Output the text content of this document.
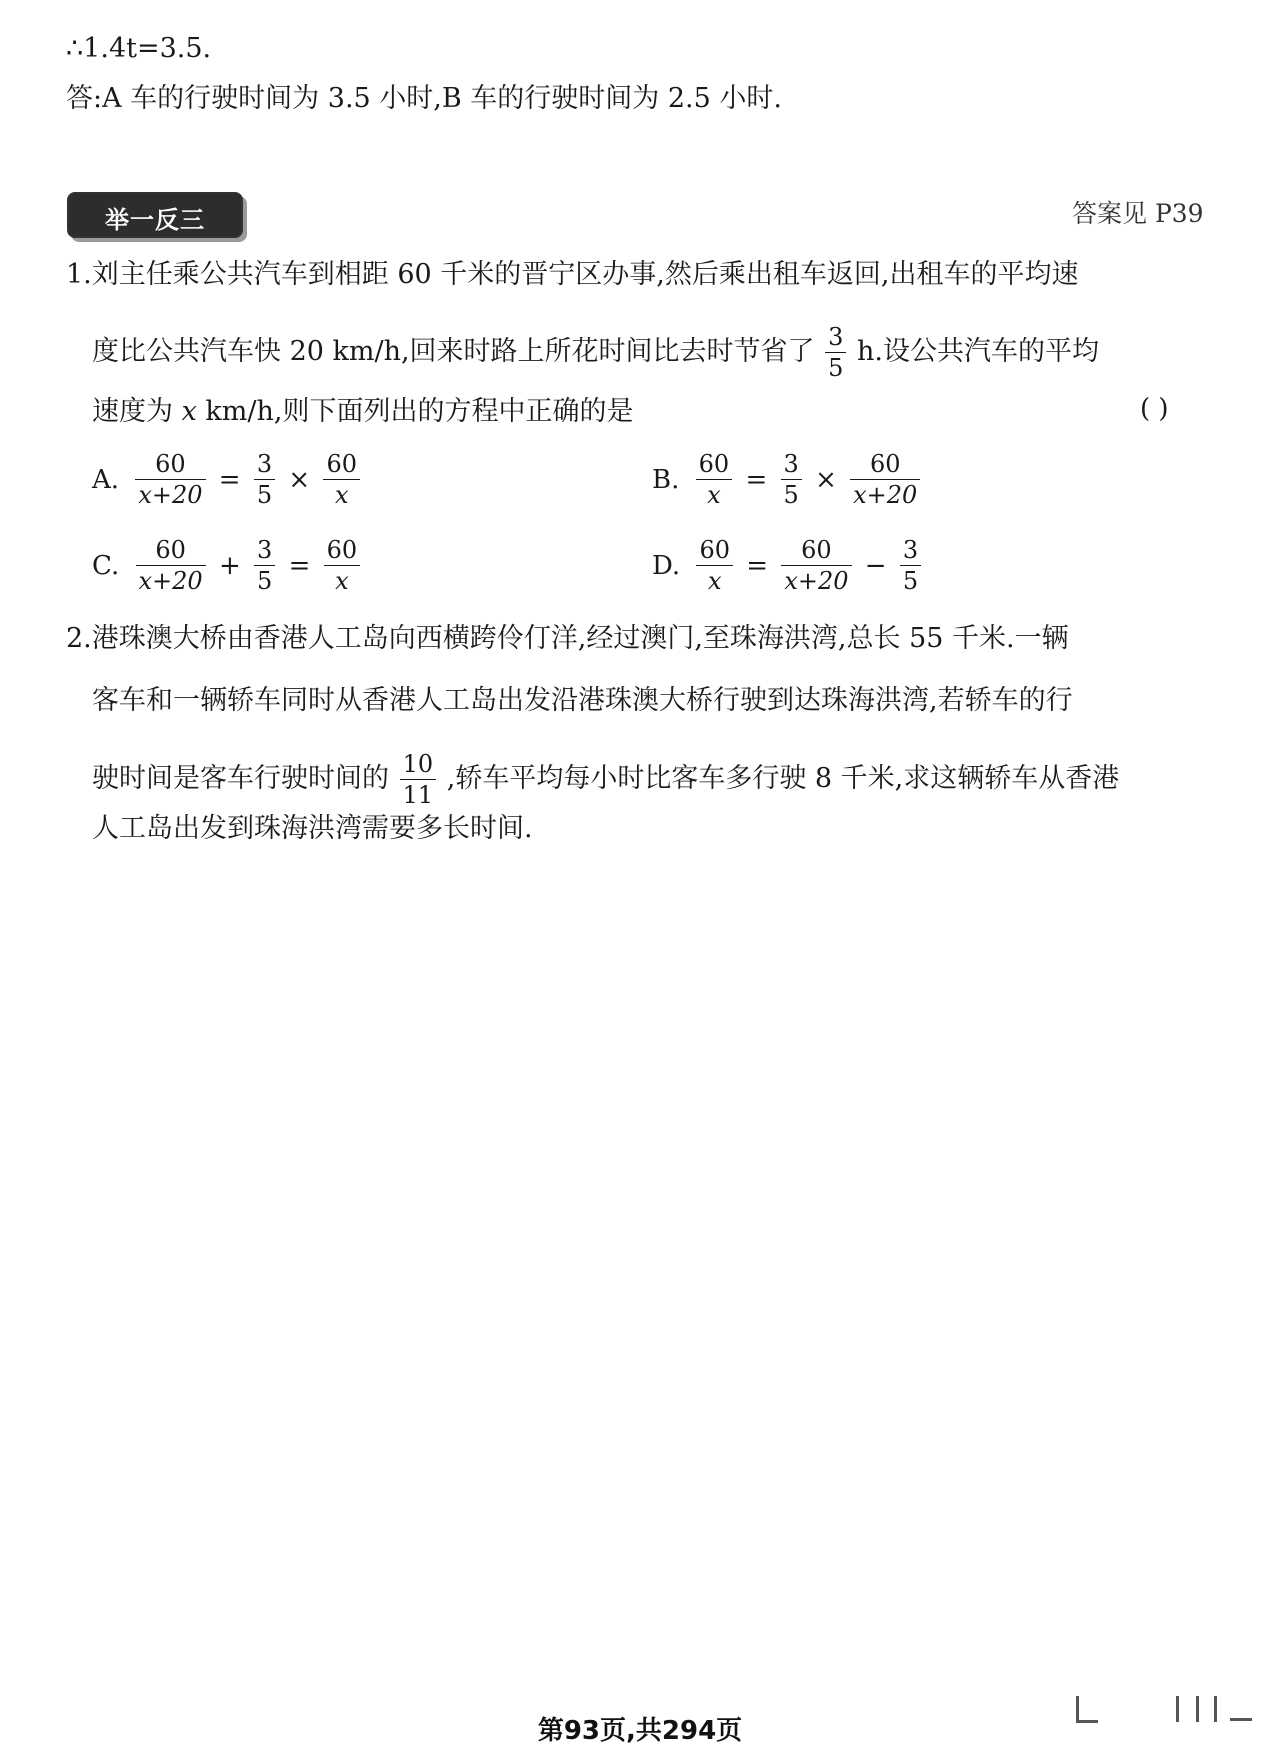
∴1.4t=3.5.
答:A 车的行驶时间为 3.5 小时,B 车的行驶时间为 2.5 小时.
举一反三	答案见 P39
1.刘主任乘公共汽车到相距 60 千米的晋宁区办事,然后乘出租车返回,出租车的平均速
度比公共汽车快 20 km/h,回来时路上所花时间比去时节省了 $\frac{3}{5} h$.设公共汽车的平均
速度为 x km/h,则下面列出的方程中正确的是	( )
A. $\frac{60}{x+20} = \frac{3}{5} \times \frac{60}{x}$	B. $\frac{60}{x} = \frac{3}{5} \times \frac{60}{x+20}$
C. $\frac{60}{x+20} + \frac{3}{5} = \frac{60}{x}$	D. $\frac{60}{x} = \frac{60}{x+20} - \frac{3}{5}$
2.港珠澳大桥由香港人工岛向西横跨伶仃洋,经过澳门,至珠海洪湾,总长 55 千米.一辆
客车和一辆轿车同时从香港人工岛出发沿港珠澳大桥行驶到达珠海洪湾,若轿车的行
驶时间是客车行驶时间的 $\frac{10}{11}$ ,轿车平均每小时比客车多行驶 8 千米,求这辆轿车从香港
人工岛出发到珠海洪湾需要多长时间.
第93页,共294页
